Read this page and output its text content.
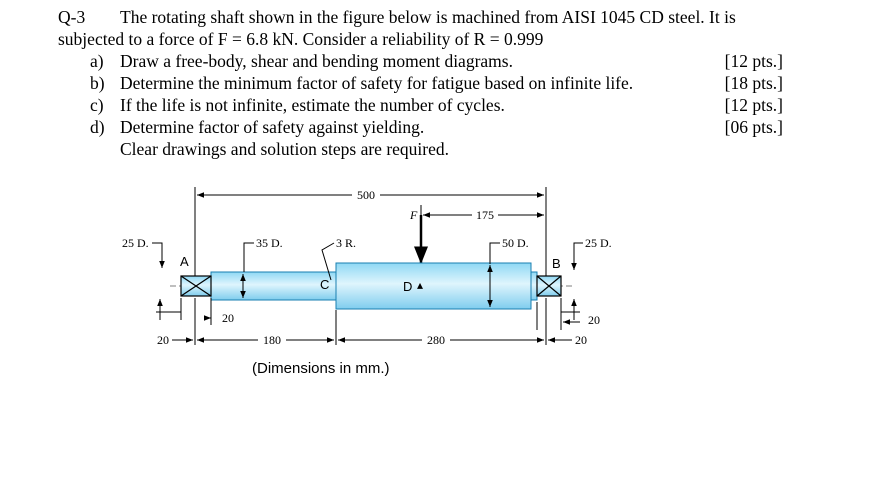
Q-3 The rotating shaft shown in the figure below is machined from AISI 1045 CD steel. It is
subjected to a force of F = 6.8 kN. Consider a reliability of R = 0.999
a) Draw a free-body, shear and bending moment diagrams.	[12 pts.]
b) Determine the minimum factor of safety for fatigue based on infinite life.	[18 pts.]
c) If the life is not infinite, estimate the number of cycles.	[12 pts.]
d) Determine factor of safety against yielding.	[06 pts.]
Clear drawings and solution steps are required.
500
175
F
25 D.
A
35 D.	3 R.
C	D ▴
50 D.
B
25 D.
20
20	180	280
20
20
(Dimensions in mm.)
